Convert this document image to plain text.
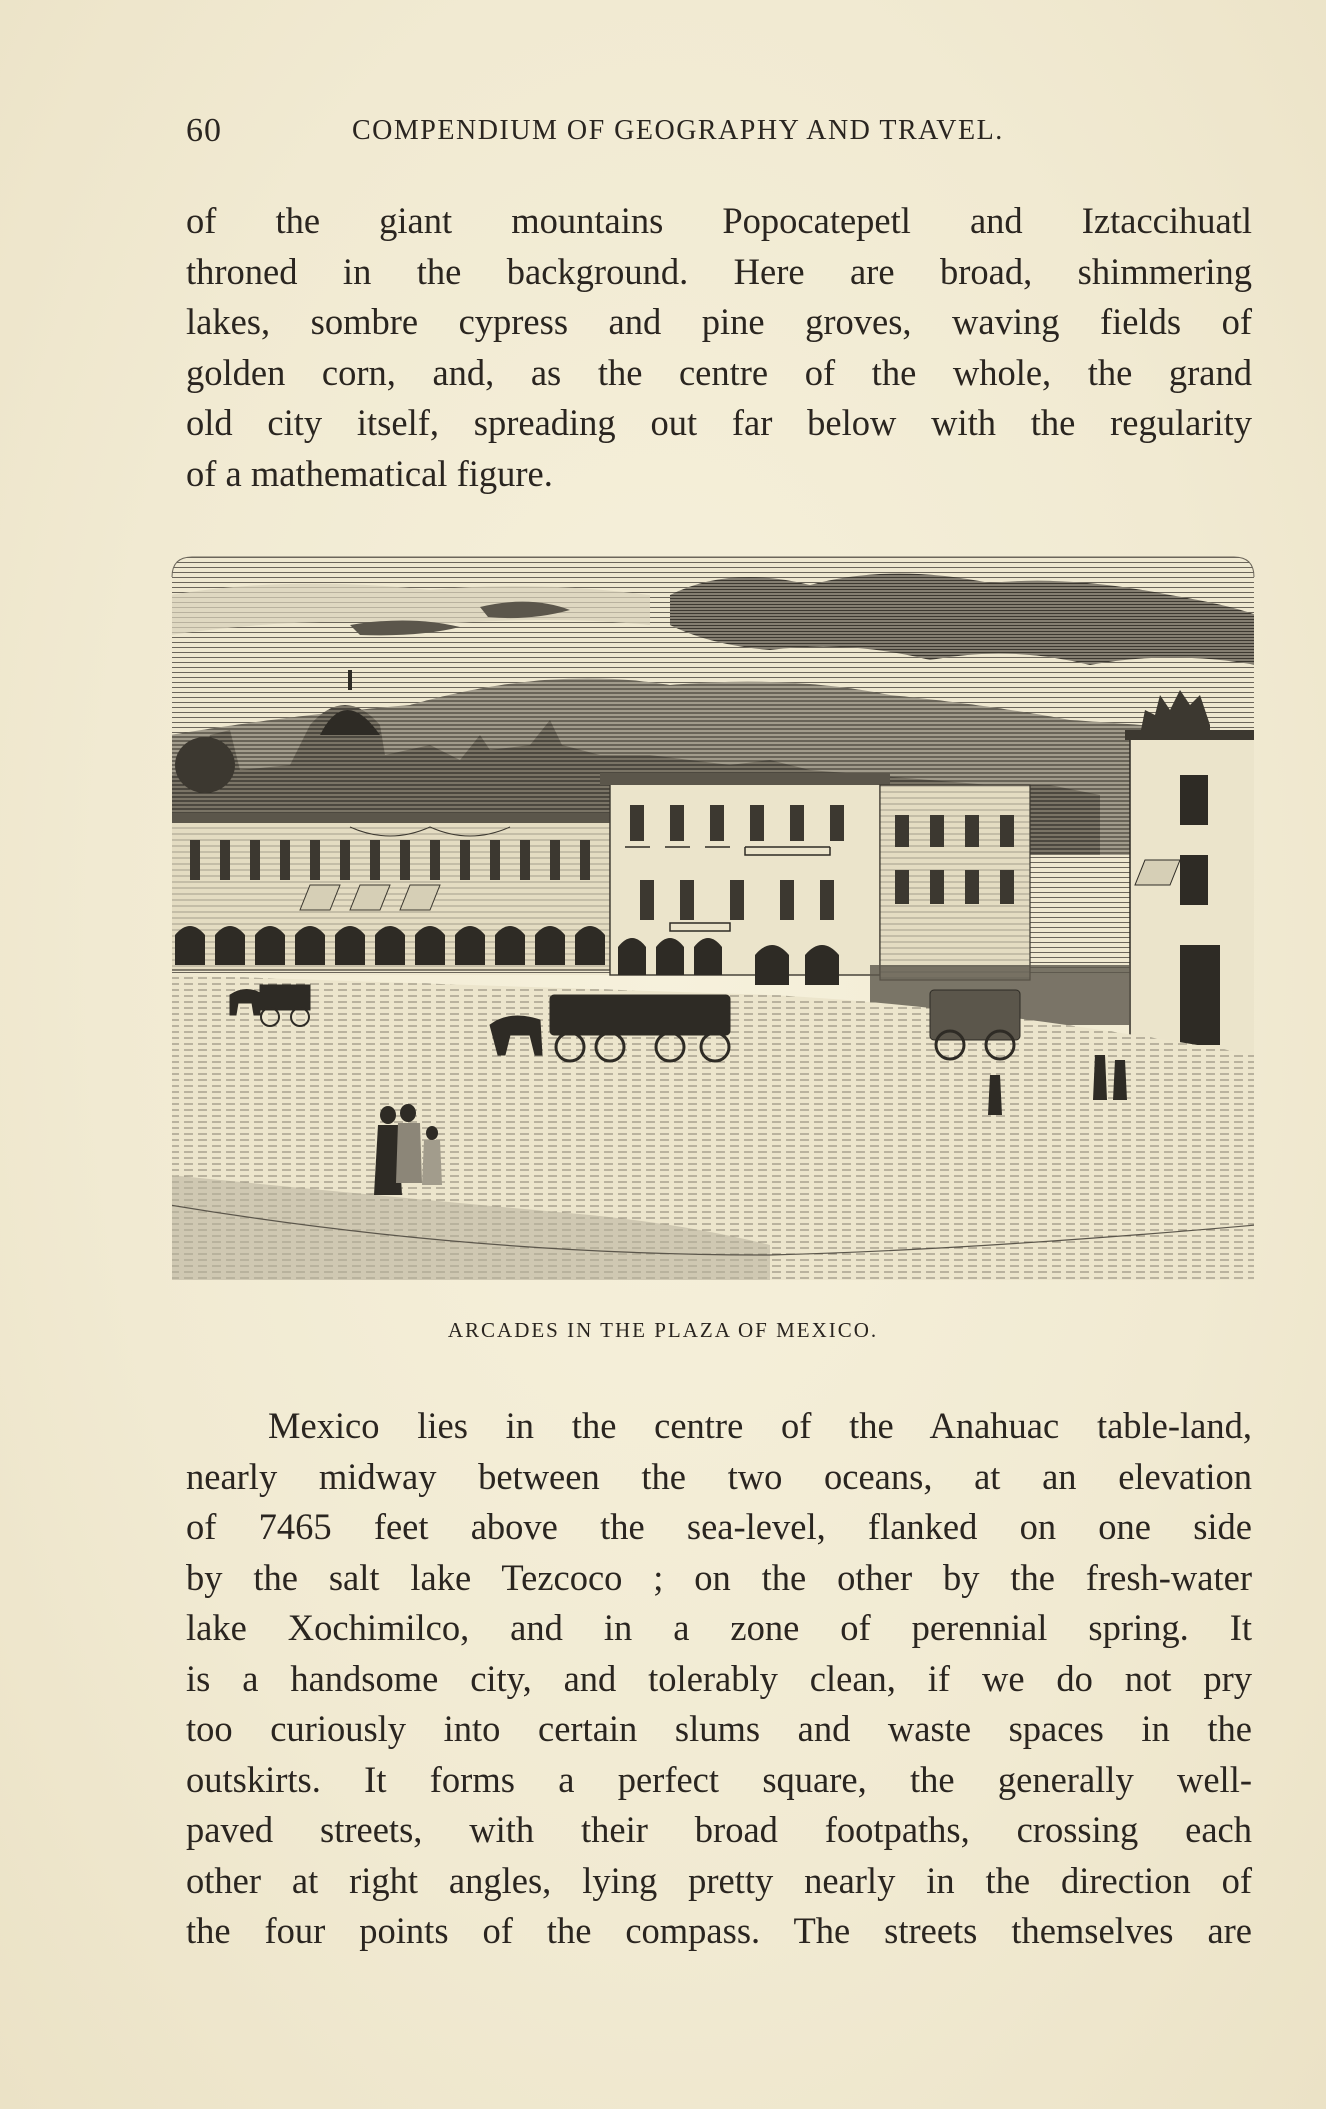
60	COMPENDIUM OF GEOGRAPHY AND TRAVEL.

of the giant mountains Popocatepetl and Iztaccihuatl
throned in the background. Here are broad, shimmering
lakes, sombre cypress and pine groves, waving fields of
golden corn, and, as the centre of the whole, the grand
old city itself, spreading out far below with the regularity
of a mathematical figure.

ARCADES IN THE PLAZA OF MEXICO.

Mexico lies in the centre of the Anahuac table-land,
nearly midway between the two oceans, at an elevation
of 7465 feet above the sea-level, flanked on one side
by the salt lake Tezcoco ; on the other by the fresh-water
lake Xochimilco, and in a zone of perennial spring. It
is a handsome city, and tolerably clean, if we do not pry
too curiously into certain slums and waste spaces in the
outskirts. It forms a perfect square, the generally well-
paved streets, with their broad footpaths, crossing each
other at right angles, lying pretty nearly in the direction of
the four points of the compass. The streets themselves are
